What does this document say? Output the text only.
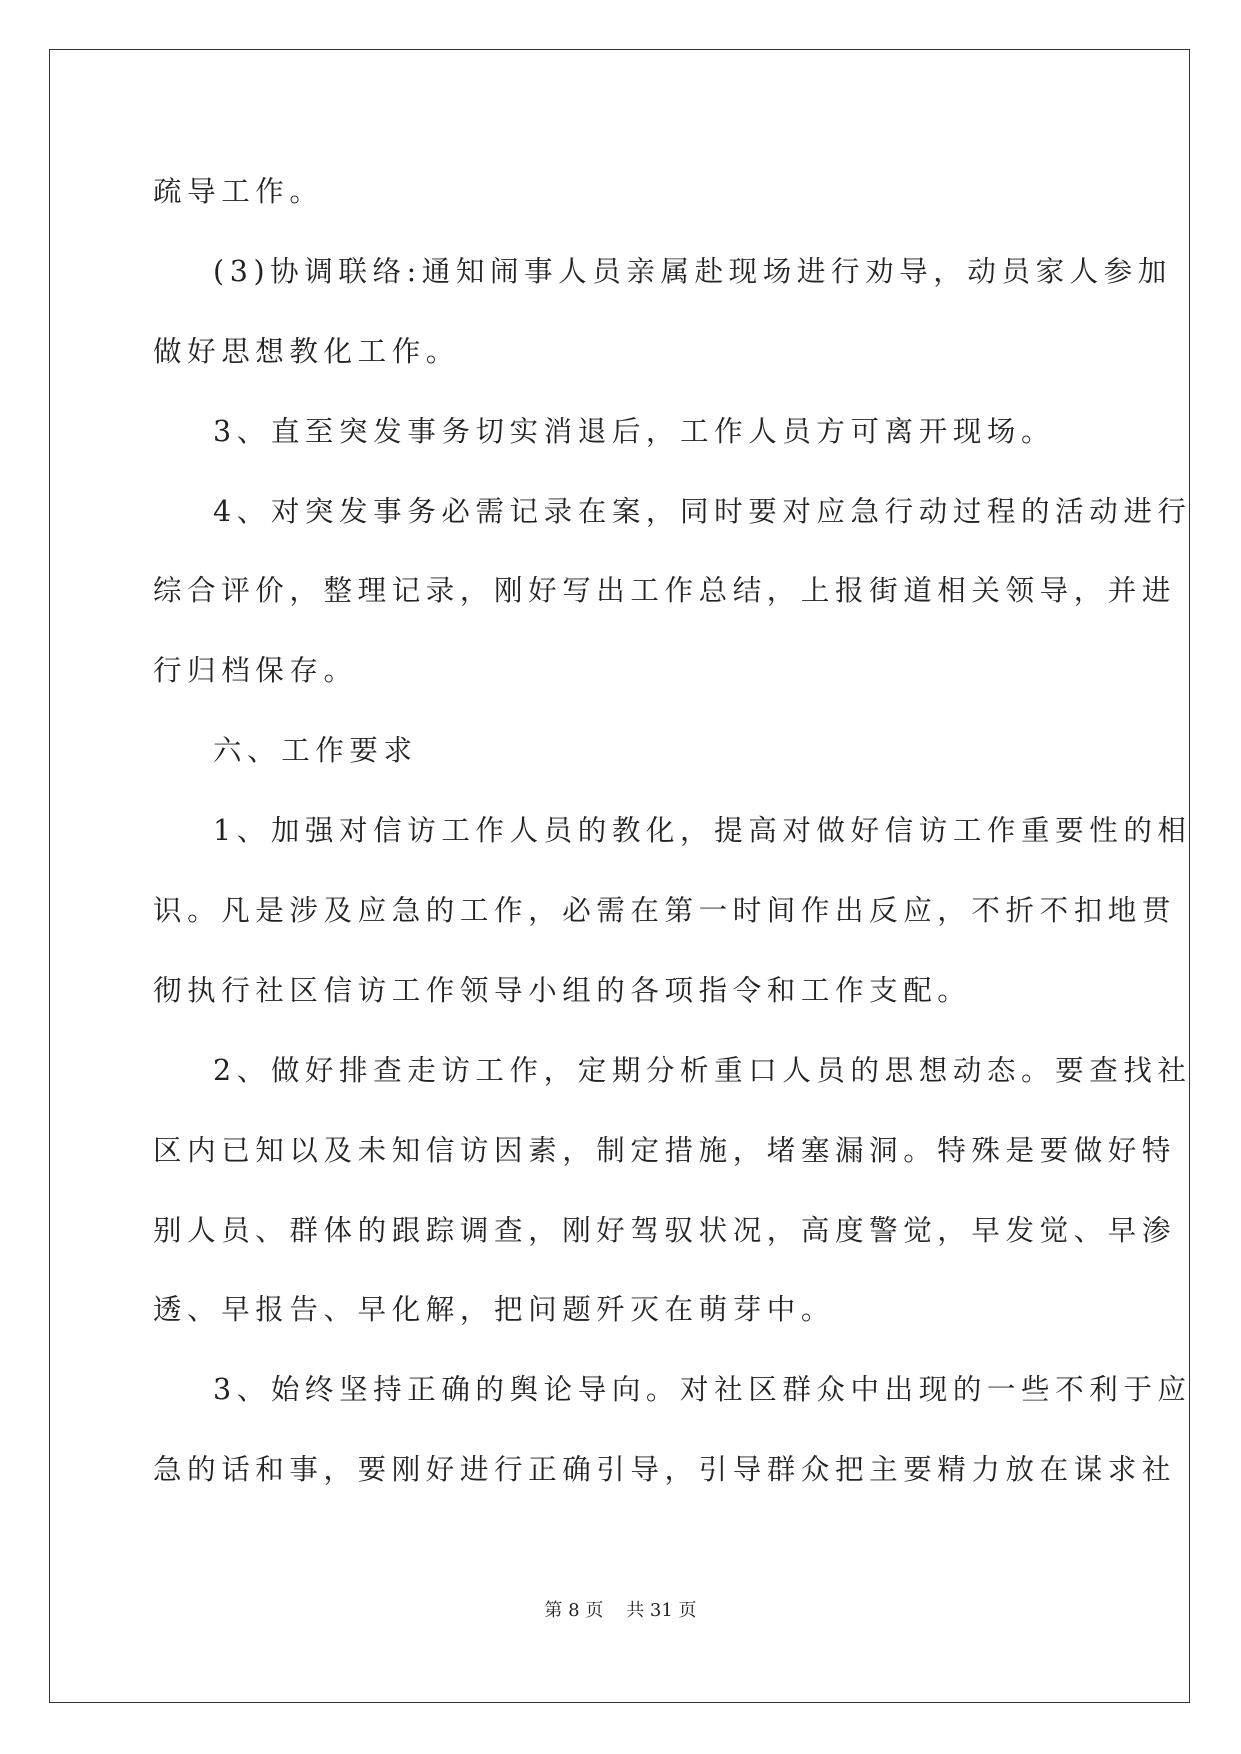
疏导工作。
(3)协调联络:通知闹事人员亲属赴现场进行劝导，动员家人参加
做好思想教化工作。
3、直至突发事务切实消退后，工作人员方可离开现场。
4、对突发事务必需记录在案，同时要对应急行动过程的活动进行
综合评价，整理记录，刚好写出工作总结，上报街道相关领导，并进
行归档保存。
六、工作要求
1、加强对信访工作人员的教化，提高对做好信访工作重要性的相
识。凡是涉及应急的工作，必需在第一时间作出反应，不折不扣地贯
彻执行社区信访工作领导小组的各项指令和工作支配。
2、做好排查走访工作，定期分析重口人员的思想动态。要查找社
区内已知以及未知信访因素，制定措施，堵塞漏洞。特殊是要做好特
别人员、群体的跟踪调查，刚好驾驭状况，高度警觉，早发觉、早渗
透、早报告、早化解，把问题歼灭在萌芽中。
3、始终坚持正确的舆论导向。对社区群众中出现的一些不利于应
急的话和事，要刚好进行正确引导，引导群众把主要精力放在谋求社
第 8 页    共 31 页
